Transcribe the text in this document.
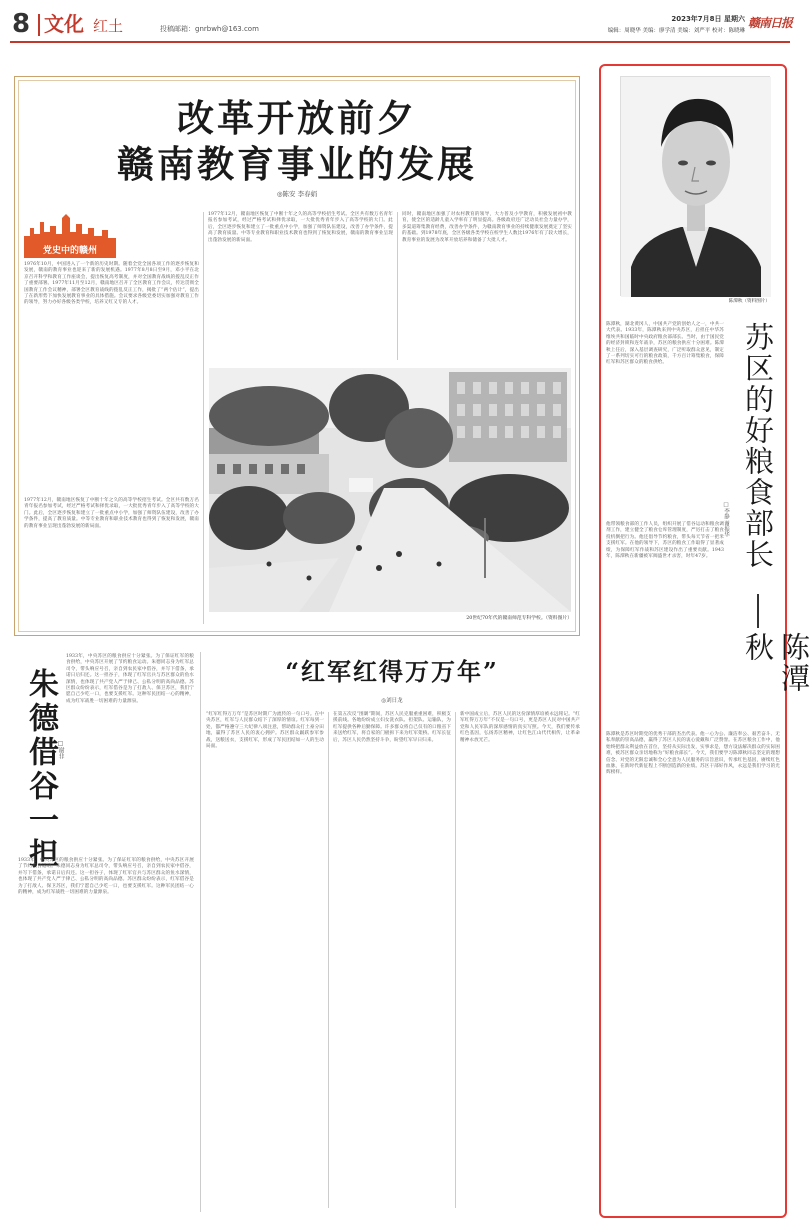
8 文化 红土	投稿邮箱：gnrbwh@163.com
2023年7月8日 星期六
编辑：周晓华 美编：廖学清 美编：刘严平 校对：陈晓琳
赣南日报
改革开放前夕
赣南教育事业的发展
◎陈安 李春娟
党史中的赣州
1976年10月，中国进入了一个新的历史时期。随着全党全国各项工作的逐步恢复和发展，赣南的教育事业也迎来了新的发展机遇。1977年8月8日至9月，邓小平在北京召开科学和教育工作座谈会，提出恢复高考制度，并对全国教育战线的拨乱反正作了重要部署。1977年11月至12月，赣南地区召开了全区教育工作会议，传达贯彻全国教育工作会议精神，部署全区教育战线的拨乱反正工作，揭批了“两个估计”，提出了在新形势下加快发展教育事业的具体措施。会议要求各级党委切实加强对教育工作的领导，努力办好各级各类学校，培养又红又专的人才。
1977年12月，赣南地区恢复了中断十年之久的高等学校招生考试。全区共有数万名青年报名参加考试，经过严格考试和择优录取，一大批优秀青年步入了高等学校的大门。此后，全区逐步恢复和建立了一批重点中小学，加强了师资队伍建设，改善了办学条件，提高了教育质量。中等专业教育和职业技术教育也得到了恢复和发展，赣南的教育事业呈现出蓬勃发展的新局面。
1977年12月，赣南地区恢复了中断十年之久的高等学校招生考试。全区共有数万名青年报名参加考试，经过严格考试和择优录取，一大批优秀青年步入了高等学校的大门。此后，全区逐步恢复和建立了一批重点中小学，加强了师资队伍建设，改善了办学条件，提高了教育质量。中等专业教育和职业技术教育也得到了恢复和发展，赣南的教育事业呈现出蓬勃发展的新局面。
同时，赣南地区加强了对农村教育的领导，大力普及小学教育，积极发展初中教育，使全区的适龄儿童入学率有了明显提高。各级政府还广泛动员社会力量办学，多渠道筹集教育经费，改善办学条件，为赣南教育事业的持续健康发展奠定了坚实的基础。到1978年底，全区各级各类学校在校学生人数比1976年有了较大增长，教育事业的发展为改革开放培养和储备了大批人才。
20世纪70年代的赣南师范专科学校。（资料图片）
朱德借谷一担 □谢非
1933年，中央苏区的粮食供应十分紧张。为了保证红军的粮食供给，中央苏区开展了节约粮食运动。朱德同志身为红军总司令，带头响应号召，亲自到农民家中借谷，并写下借条，承诺日后归还。这一担谷子，体现了红军官兵与苏区群众的鱼水深情，也体现了共产党人严于律己、公私分明的高尚品德。苏区群众纷纷表示，红军借谷是为了打敌人、保卫苏区，我们宁愿自己少吃一口，也要支援红军。这种军民团结一心的精神，成为红军战胜一切困难的力量源泉。
1933年，中央苏区的粮食供应十分紧张。为了保证红军的粮食供给，中央苏区开展了节约粮食运动。朱德同志身为红军总司令，带头响应号召，亲自到农民家中借谷，并写下借条，承诺日后归还。这一担谷子，体现了红军官兵与苏区群众的鱼水深情，也体现了共产党人严于律己、公私分明的高尚品德。苏区群众纷纷表示，红军借谷是为了打敌人、保卫苏区，我们宁愿自己少吃一口，也要支援红军。这种军民团结一心的精神，成为红军战胜一切困难的力量源泉。
“红军红得万万年”
◎刘日龙
“红军红得万万年”是苏区时期广为流传的一句口号。在中央苏区，红军与人民群众结下了深厚的情谊。红军每到一处，都严格遵守三大纪律八项注意，帮助群众打土豪分田地，赢得了苏区人民的衷心拥护。苏区群众踊跃参军参战，送粮送衣，支援红军，形成了军民团结如一人的生动局面。
在第五次反“围剿”期间，苏区人民克服重重困难，积极支援前线。各地纷纷成立妇女洗衣队、担架队、运输队，为红军提供各种后勤保障。许多群众将自己仅有的口粮省下来送给红军，将自家的门板拆下来为红军架桥。红军长征后，苏区人民仍然坚持斗争，盼望红军早日归来。
新中国成立后，苏区人民的这份深情厚谊被永远铭记。“红军红得万万年”不仅是一句口号，更是苏区人民对中国共产党和人民军队的深厚感情的真实写照。今天，我们要传承红色基因，弘扬苏区精神，让红色江山代代相传，让革命精神永放光芒。
陈潭秋（资料图片）
陈潭秋，湖北黄冈人，中国共产党的创始人之一，中共一大代表。1933年，陈潭秋来到中央苏区，后担任中华苏维埃共和国临时中央政府粮食部部长。当时，由于国民党的经济封锁和连年战争，苏区的粮食供应十分困难。陈潭秋上任后，深入基层调查研究，广泛听取群众意见，制定了一系列切实可行的粮食政策，千方百计筹集粮食，保障红军和苏区群众的粮食供给。
他带领粮食部的工作人员，组织开展了借谷运动和粮食调剂工作，建立健全了粮食仓库管理制度，严厉打击了粮食投机倒把行为。他还倡导节约粮食，带头每天节省一把米支援红军。在他的领导下，苏区的粮食工作取得了显著成绩，为保障红军作战和苏区建设作出了重要贡献。1943年，陈潭秋在新疆被军阀盛世才杀害，时年47岁。	苏区的好粮食部长
陈潭秋
□李静 谢振华
陈潭秋是苏区时期党的优秀干部的杰出代表。他一心为公、廉洁奉公、艰苦奋斗、无私奉献的崇高品德，赢得了苏区人民的衷心爱戴和广泛赞誉。在苏区粮食工作中，他始终把群众利益放在首位，坚持从实际出发，实事求是，想方设法解决群众的实际困难，被苏区群众亲切地称为“好粮食部长”。今天，我们要学习陈潭秋同志坚定的理想信念、对党的无限忠诚和全心全意为人民服务的宗旨意识，传承红色基因，赓续红色血脉，在新时代新征程上不断创造新的业绩。苏区干部好作风，永远是我们学习的光辉榜样。
